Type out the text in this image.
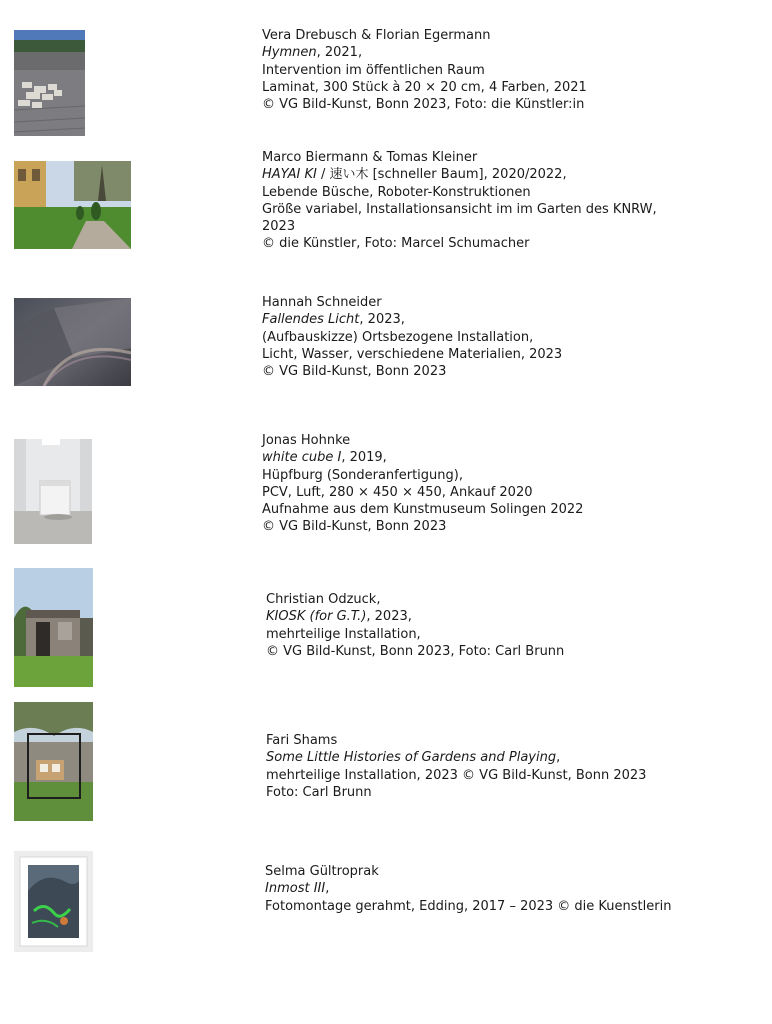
Vera Drebusch & Florian Egermann
Hymnen, 2021,
Intervention im öffentlichen Raum
Laminat, 300 Stück à 20 × 20 cm, 4 Farben, 2021
© VG Bild-Kunst, Bonn 2023, Foto: die Künstler:in
Marco Biermann & Tomas Kleiner
HAYAI KI / 速い木 [schneller Baum], 2020/2022,
Lebende Büsche, Roboter-Konstruktionen
Größe variabel, Installationsansicht im im Garten des KNRW,
2023
© die Künstler, Foto: Marcel Schumacher
Hannah Schneider
Fallendes Licht, 2023,
(Aufbauskizze) Ortsbezogene Installation,
Licht, Wasser, verschiedene Materialien, 2023
© VG Bild-Kunst, Bonn 2023
Jonas Hohnke
white cube I, 2019,
Hüpfburg (Sonderanfertigung),
PCV, Luft, 280 × 450 × 450, Ankauf 2020
Aufnahme aus dem Kunstmuseum Solingen 2022
© VG Bild-Kunst, Bonn 2023
Christian Odzuck,
KIOSK (for G.T.), 2023,
mehrteilige Installation,
© VG Bild-Kunst, Bonn 2023, Foto: Carl Brunn
Fari Shams
Some Little Histories of Gardens and Playing,
mehrteilige Installation, 2023 © VG Bild-Kunst, Bonn 2023
Foto: Carl Brunn
Selma Gültroprak
Inmost III,
Fotomontage gerahmt, Edding, 2017 – 2023 © die Kuenstlerin
